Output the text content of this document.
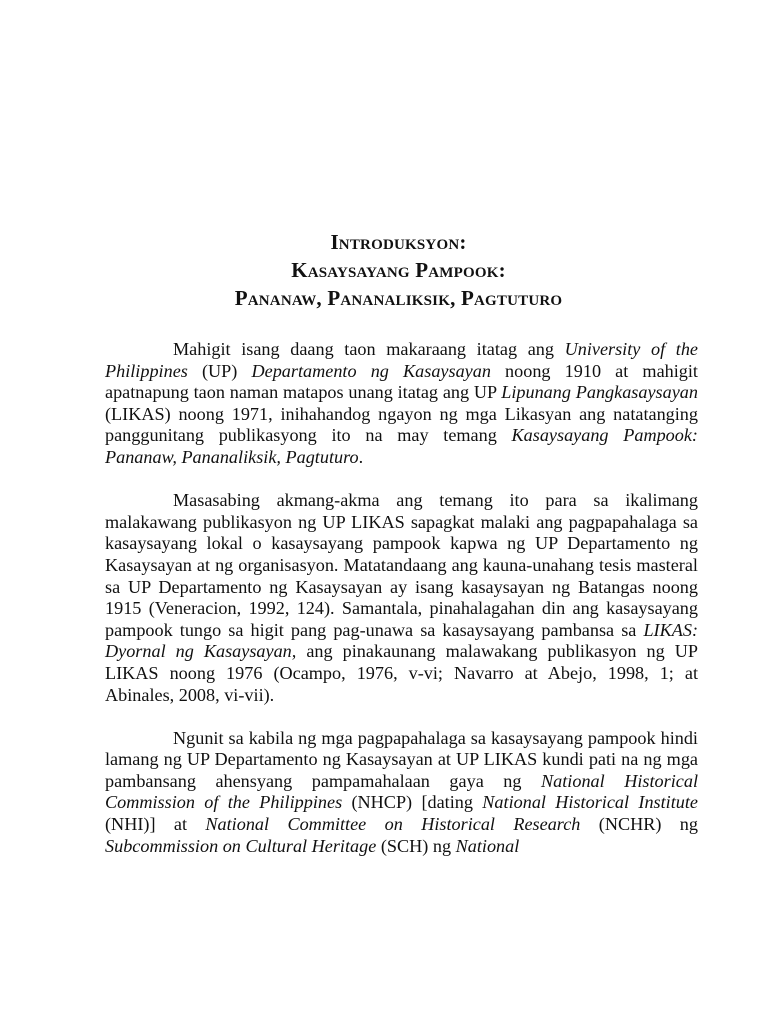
Introduksyon:
Kasaysayang Pampook:
Pananaw, Pananaliksik, Pagtuturo

Mahigit isang daang taon makaraang itatag ang University of the Philippines (UP) Departamento ng Kasaysayan noong 1910 at mahigit apatnapung taon naman matapos unang itatag ang UP Lipunang Pangkasaysayan (LIKAS) noong 1971, inihahandog ngayon ng mga Likasyan ang natatanging panggunitang publikasyong ito na may temang Kasaysayang Pampook: Pananaw, Pananaliksik, Pagtuturo.

Masasabing akmang-akma ang temang ito para sa ikalimang malakawang publikasyon ng UP LIKAS sapagkat malaki ang pagpapahalaga sa kasaysayang lokal o kasaysayang pampook kapwa ng UP Departamento ng Kasaysayan at ng organisasyon. Matatandaang ang kauna-unahang tesis masteral sa UP Departamento ng Kasaysayan ay isang kasaysayan ng Batangas noong 1915 (Veneracion, 1992, 124). Samantala, pinahalagahan din ang kasaysayang pampook tungo sa higit pang pag-unawa sa kasaysayang pambansa sa LIKAS: Dyornal ng Kasaysayan, ang pinakaunang malawakang publikasyon ng UP LIKAS noong 1976 (Ocampo, 1976, v-vi; Navarro at Abejo, 1998, 1; at Abinales, 2008, vi-vii).

Ngunit sa kabila ng mga pagpapahalaga sa kasaysayang pampook hindi lamang ng UP Departamento ng Kasaysayan at UP LIKAS kundi pati na ng mga pambansang ahensyang pampamahalaan gaya ng National Historical Commission of the Philippines (NHCP) [dating National Historical Institute (NHI)] at National Committee on Historical Research (NCHR) ng Subcommission on Cultural Heritage (SCH) ng National
